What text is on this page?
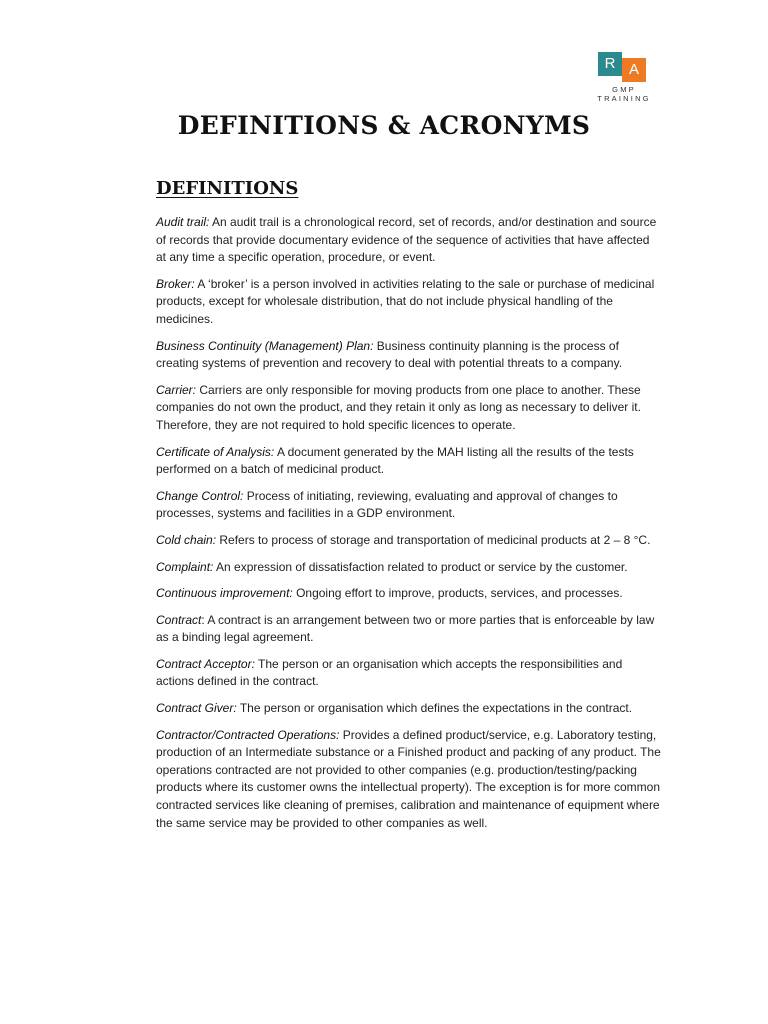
R A
GMP
TRAINING
DEFINITIONS & ACRONYMS
DEFINITIONS

Audit trail: An audit trail is a chronological record, set of records, and/or destination and source of records that provide documentary evidence of the sequence of activities that have affected at any time a specific operation, procedure, or event.

Broker: A ‘broker’ is a person involved in activities relating to the sale or purchase of medicinal products, except for wholesale distribution, that do not include physical handling of the medicines.

Business Continuity (Management) Plan: Business continuity planning is the process of creating systems of prevention and recovery to deal with potential threats to a company.

Carrier: Carriers are only responsible for moving products from one place to another. These companies do not own the product, and they retain it only as long as necessary to deliver it. Therefore, they are not required to hold specific licences to operate.

Certificate of Analysis: A document generated by the MAH listing all the results of the tests performed on a batch of medicinal product.

Change Control: Process of initiating, reviewing, evaluating and approval of changes to processes, systems and facilities in a GDP environment.

Cold chain: Refers to process of storage and transportation of medicinal products at 2 – 8 °C.

Complaint: An expression of dissatisfaction related to product or service by the customer.

Continuous improvement: Ongoing effort to improve, products, services, and processes.

Contract: A contract is an arrangement between two or more parties that is enforceable by law as a binding legal agreement.

Contract Acceptor: The person or an organisation which accepts the responsibilities and actions defined in the contract.

Contract Giver: The person or organisation which defines the expectations in the contract.

Contractor/Contracted Operations: Provides a defined product/service, e.g. Laboratory testing, production of an Intermediate substance or a Finished product and packing of any product. The operations contracted are not provided to other companies (e.g. production/testing/packing products where its customer owns the intellectual property). The exception is for more common contracted services like cleaning of premises, calibration and maintenance of equipment where the same service may be provided to other companies as well.
